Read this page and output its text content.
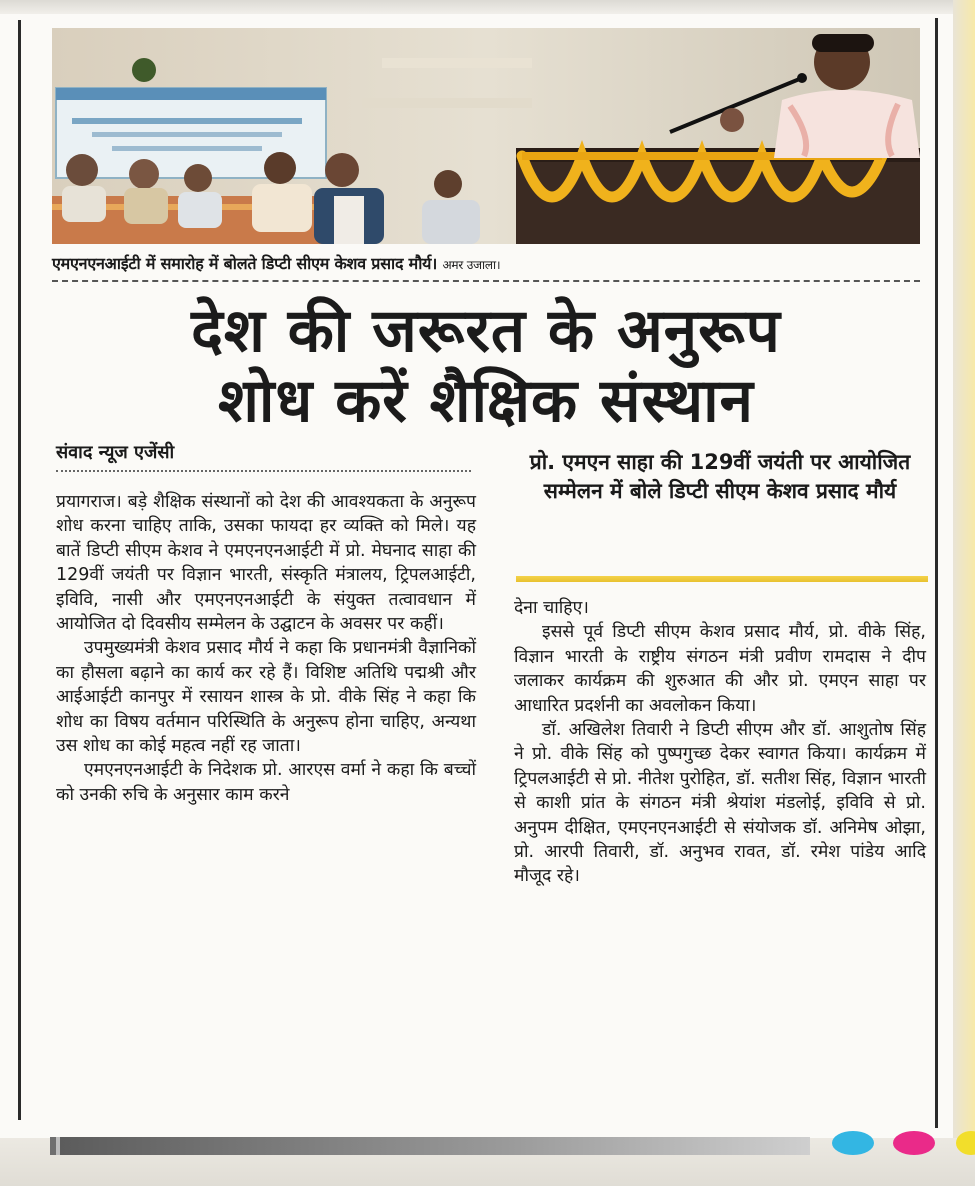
एमएनएनआईटी में समारोह में बोलते डिप्टी सीएम केशव प्रसाद मौर्य। अमर उजाला।
देश की जरूरत के अनुरूप
शोध करें शैक्षिक संस्थान
संवाद न्यूज एजेंसी

प्रयागराज। बड़े शैक्षिक संस्थानों को देश की आवश्यकता के अनुरूप शोध करना चाहिए ताकि, उसका फायदा हर व्यक्ति को मिले। यह बातें डिप्टी सीएम केशव ने एमएनएनआईटी में प्रो. मेघनाद साहा की 129वीं जयंती पर विज्ञान भारती, संस्कृति मंत्रालय, ट्रिपलआईटी, इविवि, नासी और एमएनएनआईटी के संयुक्त तत्वावधान में आयोजित दो दिवसीय सम्मेलन के उद्घाटन के अवसर पर कहीं।

उपमुख्यमंत्री केशव प्रसाद मौर्य ने कहा कि प्रधानमंत्री वैज्ञानिकों का हौसला बढ़ाने का कार्य कर रहे हैं। विशिष्ट अतिथि पद्मश्री और आईआईटी कानपुर में रसायन शास्त्र के प्रो. वीके सिंह ने कहा कि शोध का विषय वर्तमान परिस्थिति के अनुरूप होना चाहिए, अन्यथा उस शोध का कोई महत्व नहीं रह जाता।

एमएनएनआईटी के निदेशक प्रो. आरएस वर्मा ने कहा कि बच्चों को उनकी रुचि के अनुसार काम करने

प्रो. एमएन साहा की 129वीं जयंती पर आयोजित सम्मेलन में बोले डिप्टी सीएम केशव प्रसाद मौर्य

देना चाहिए।

इससे पूर्व डिप्टी सीएम केशव प्रसाद मौर्य, प्रो. वीके सिंह, विज्ञान भारती के राष्ट्रीय संगठन मंत्री प्रवीण रामदास ने दीप जलाकर कार्यक्रम की शुरुआत की और प्रो. एमएन साहा पर आधारित प्रदर्शनी का अवलोकन किया।

डॉ. अखिलेश तिवारी ने डिप्टी सीएम और डॉ. आशुतोष सिंह ने प्रो. वीके सिंह को पुष्पगुच्छ देकर स्वागत किया। कार्यक्रम में ट्रिपलआईटी से प्रो. नीतेश पुरोहित, डॉ. सतीश सिंह, विज्ञान भारती से काशी प्रांत के संगठन मंत्री श्रेयांश मंडलोई, इविवि से प्रो. अनुपम दीक्षित, एमएनएनआईटी से संयोजक डॉ. अनिमेष ओझा, प्रो. आरपी तिवारी, डॉ. अनुभव रावत, डॉ. रमेश पांडेय आदि मौजूद रहे।
